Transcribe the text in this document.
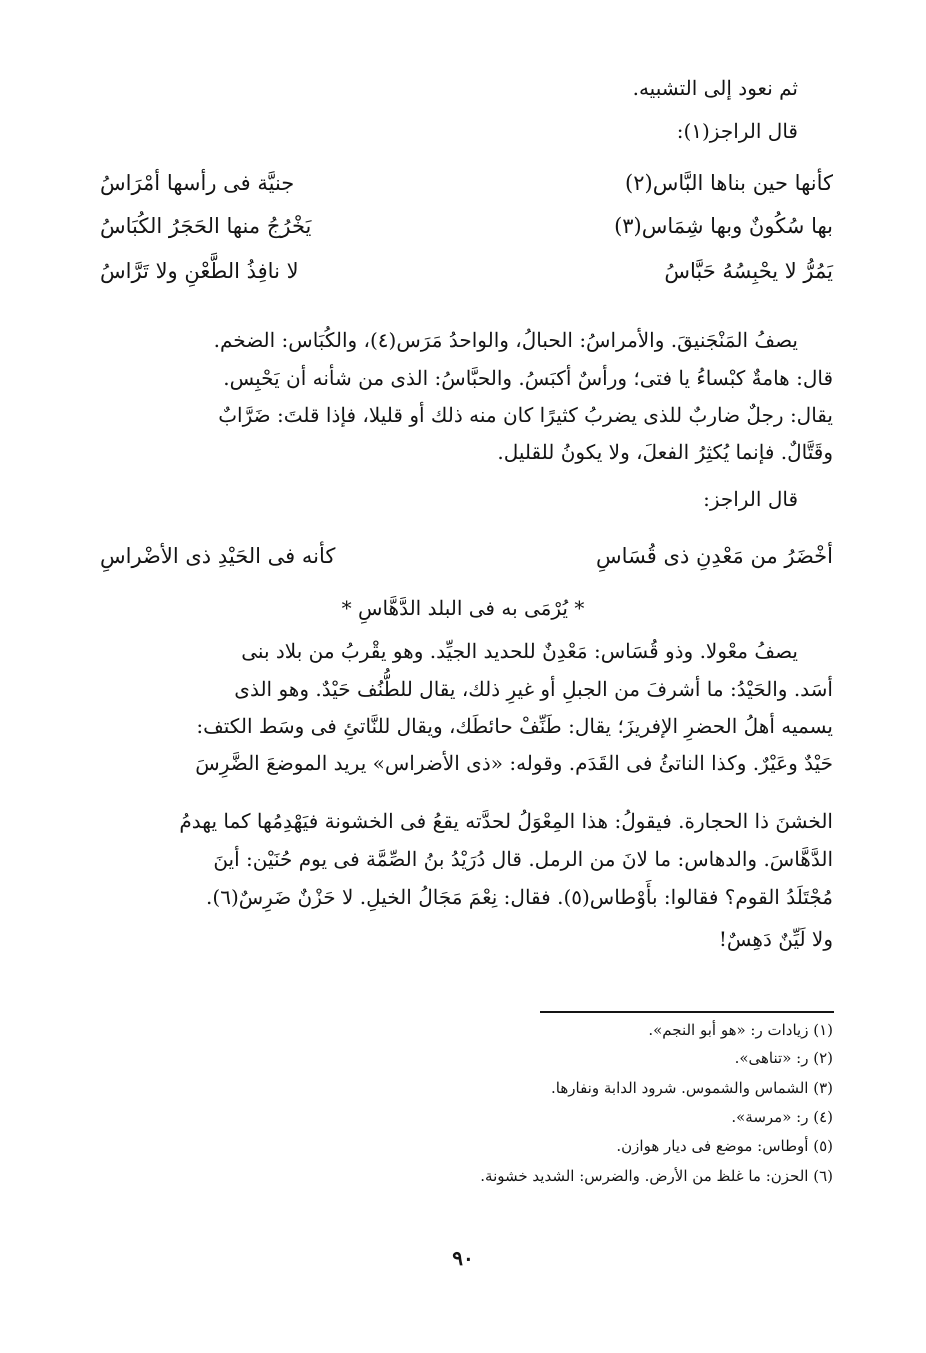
ثم نعود إلى التشبيه.
قال الراجز(١):
كأنها حين بناها البَّاس(٢)
جنيَّة فى رأسها أمْرَاسُ
بها سُكُونٌ وبها شِمَاس(٣)
يَخْرُجُ منها الحَجَرُ الكُبَاسُ
يَمُرُّ لا يحْبِسُهُ حَبَّاسُ
لا نافِذُ الطَّعْنِ ولا تَرَّاسُ
يصفُ المَنْجَنيقَ. والأمراسُ: الحبالُ، والواحدُ مَرَس(٤)، والكُبَاس: الضخم.
قال: هامةٌ كبْساءُ يا فتى؛ ورأسٌ أكبَسُ. والحبَّاسُ: الذى من شأنه أن يَحْبِس.
يقال: رجلٌ ضاربٌ للذى يضربُ كثيرًا كان منه ذلك أو قليلا، فإذا قلتَ: ضَرَّابٌ
وقَتَّالٌ. فإنما يُكثِرُ الفعلَ، ولا يكونُ للقليل.
قال الراجز:
أخْضَرُ من مَعْدِنِ ذى قُسَاسِ
كأنه فى الحَيْدِ ذى الأضْراسِ
* يُرْمَى به فى البلد الدَّهَّاسِ *
يصفُ معْولا. وذو قُسَاس: مَعْدِنٌ للحديد الجيِّد. وهو يقْربُ من بلاد بنى
أسَد. والحَيْدُ: ما أشرفَ من الجبلِ أو غيرِ ذلك، يقال للطُّنُف حَيْدٌ. وهو الذى
يسميه أهلُ الحضرِ الإفريزَ؛ يقال: طَنِّفْ حائطَك، ويقال للنَّاتئِ فى وسَط الكتف:
حَيْدٌ وعَيْرٌ. وكذا الناتئُ فى القَدَم. وقوله: «ذى الأضراس» يريد الموضعَ الضَّرِسَ
الخشنَ ذا الحجارة. فيقولُ: هذا المِعْوَلُ لحدَّته يقعُ فى الخشونة فيَهْدِمُها كما يهدمُ
الدَّهَّاسَ. والدهاس: ما لانَ من الرمل. قال دُرَيْدُ بنُ الصِّمَّة فى يوم حُنَيْن: أينَ
مُجْتَلَدُ القوم؟ فقالوا: بأَوْطاس(٥). فقال: نِعْمَ مَجَالُ الخيلِ. لا حَزْنٌ ضَرِسٌ(٦).
ولا لَيِّنٌ دَهِسٌ!
(١) زيادات ر: «هو أبو النجم».
(٢) ر: «تناهى».
(٣) الشماس والشموس. شرود الدابة ونفارها.
(٤) ر: «مرسة».
(٥) أوطاس: موضع فى ديار هوازن.
(٦) الحزن: ما غلظ من الأرض. والضرس: الشديد خشونة.
٩٠
